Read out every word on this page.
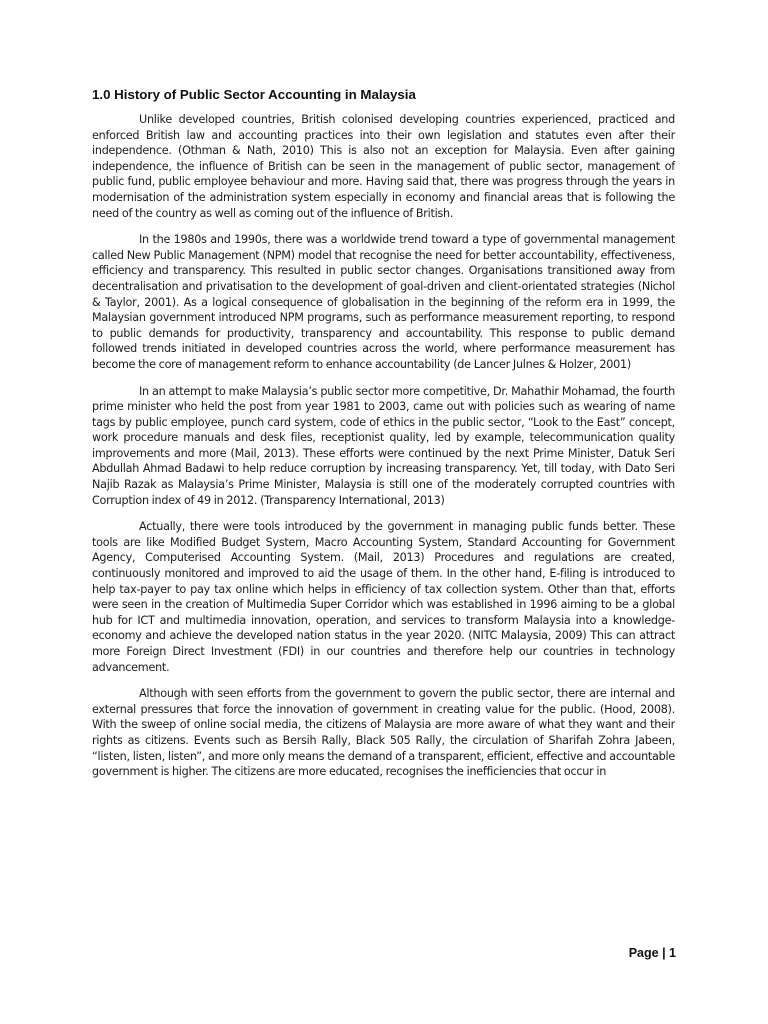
1.0 History of Public Sector Accounting in Malaysia

Unlike developed countries, British colonised developing countries experienced, practiced and enforced British law and accounting practices into their own legislation and statutes even after their independence. (Othman & Nath, 2010) This is also not an exception for Malaysia. Even after gaining independence, the influence of British can be seen in the management of public sector, management of public fund, public employee behaviour and more. Having said that, there was progress through the years in modernisation of the administration system especially in economy and financial areas that is following the need of the country as well as coming out of the influence of British.

In the 1980s and 1990s, there was a worldwide trend toward a type of governmental management called New Public Management (NPM) model that recognise the need for better accountability, effectiveness, efficiency and transparency. This resulted in public sector changes. Organisations transitioned away from decentralisation and privatisation to the development of goal-driven and client-orientated strategies (Nichol & Taylor, 2001). As a logical consequence of globalisation in the beginning of the reform era in 1999, the Malaysian government introduced NPM programs, such as performance measurement reporting, to respond to public demands for productivity, transparency and accountability. This response to public demand followed trends initiated in developed countries across the world, where performance measurement has become the core of management reform to enhance accountability (de Lancer Julnes & Holzer, 2001)

In an attempt to make Malaysia’s public sector more competitive, Dr. Mahathir Mohamad, the fourth prime minister who held the post from year 1981 to 2003, came out with policies such as wearing of name tags by public employee, punch card system, code of ethics in the public sector, “Look to the East” concept, work procedure manuals and desk files, receptionist quality, led by example, telecommunication quality improvements and more (Mail, 2013). These efforts were continued by the next Prime Minister, Datuk Seri Abdullah Ahmad Badawi to help reduce corruption by increasing transparency. Yet, till today, with Dato Seri Najib Razak as Malaysia’s Prime Minister, Malaysia is still one of the moderately corrupted countries with Corruption index of 49 in 2012. (Transparency International, 2013)

Actually, there were tools introduced by the government in managing public funds better. These tools are like Modified Budget System, Macro Accounting System, Standard Accounting for Government Agency, Computerised Accounting System. (Mail, 2013) Procedures and regulations are created, continuously monitored and improved to aid the usage of them. In the other hand, E-filing is introduced to help tax-payer to pay tax online which helps in efficiency of tax collection system. Other than that, efforts were seen in the creation of Multimedia Super Corridor which was established in 1996 aiming to be a global hub for ICT and multimedia innovation, operation, and services to transform Malaysia into a knowledge-economy and achieve the developed nation status in the year 2020. (NITC Malaysia, 2009) This can attract more Foreign Direct Investment (FDI) in our countries and therefore help our countries in technology advancement.

Although with seen efforts from the government to govern the public sector, there are internal and external pressures that force the innovation of government in creating value for the public. (Hood, 2008). With the sweep of online social media, the citizens of Malaysia are more aware of what they want and their rights as citizens. Events such as Bersih Rally, Black 505 Rally, the circulation of Sharifah Zohra Jabeen, “listen, listen, listen”, and more only means the demand of a transparent, efficient, effective and accountable government is higher. The citizens are more educated, recognises the inefficiencies that occur in

Page | 1
